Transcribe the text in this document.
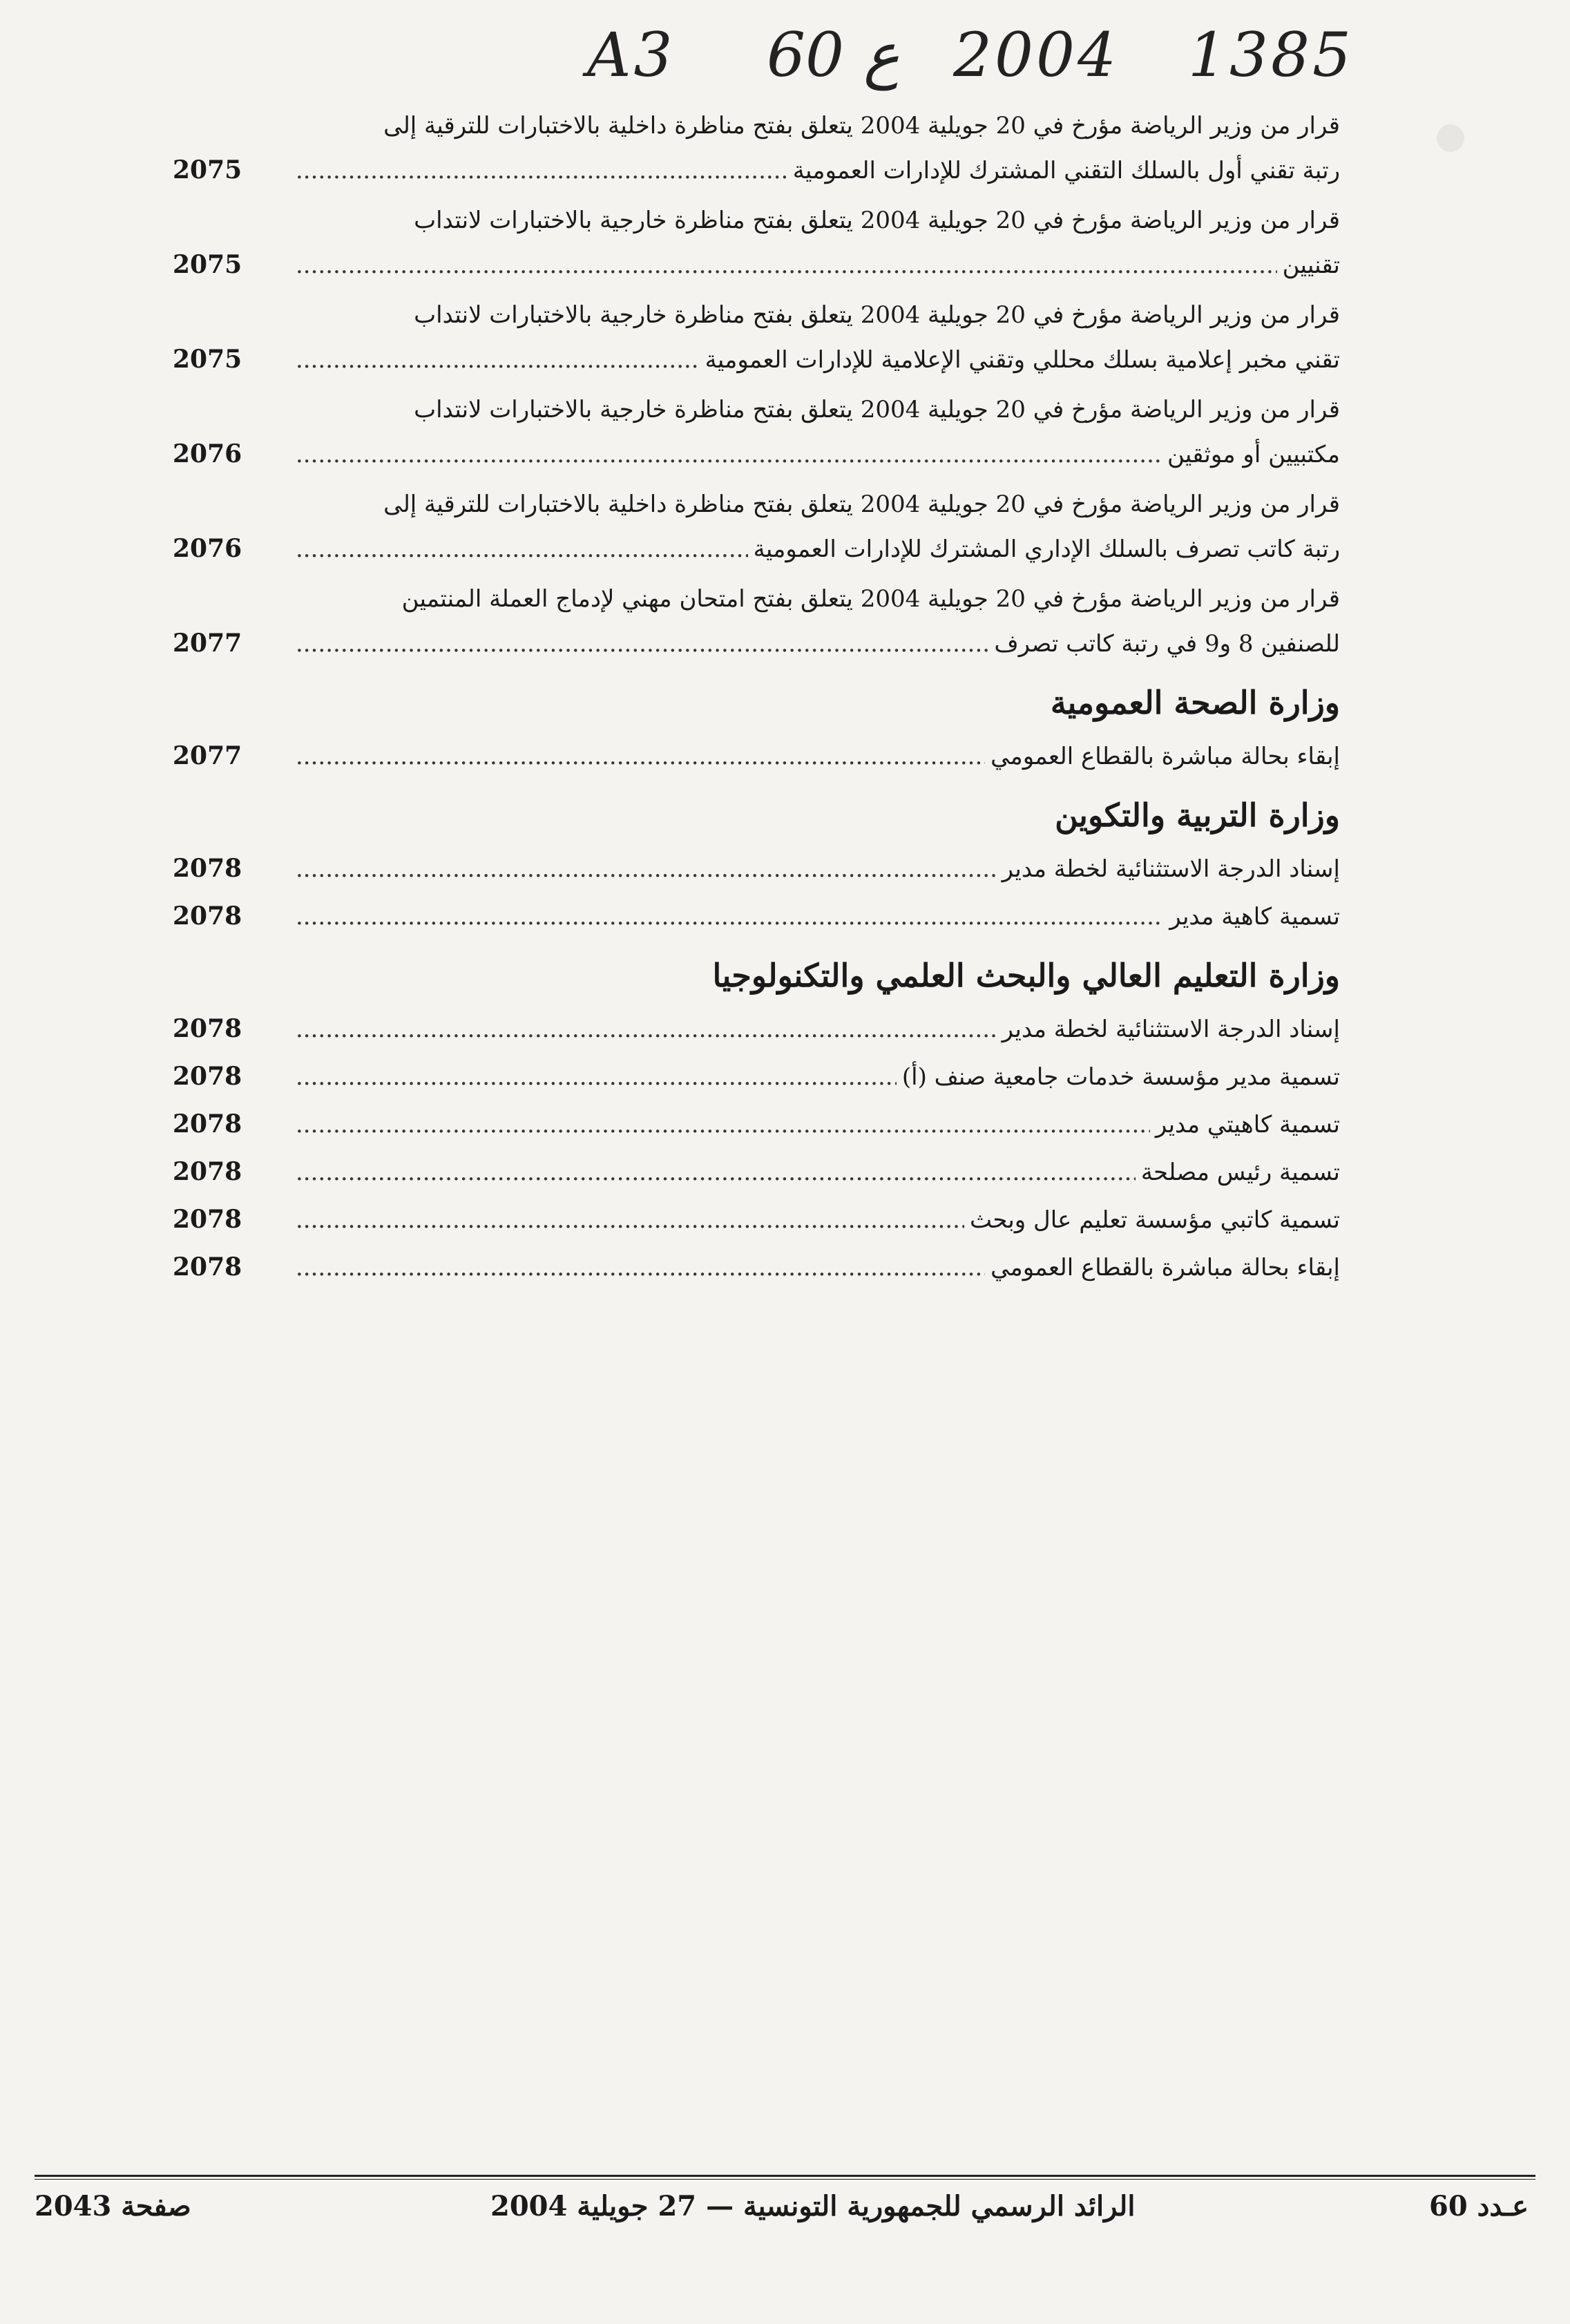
A3 60 ع 2004 1385
قرار من وزير الرياضة مؤرخ في 20 جويلية 2004 يتعلق بفتح مناظرة داخلية بالاختبارات للترقية إلى
رتبة تقني أول بالسلك التقني المشترك للإدارات العمومية
.....
2075
قرار من وزير الرياضة مؤرخ في 20 جويلية 2004 يتعلق بفتح مناظرة خارجية بالاختبارات لانتداب
تقنيين
.....
2075
قرار من وزير الرياضة مؤرخ في 20 جويلية 2004 يتعلق بفتح مناظرة خارجية بالاختبارات لانتداب
تقني مخبر إعلامية بسلك محللي وتقني الإعلامية للإدارات العمومية
.....
2075
قرار من وزير الرياضة مؤرخ في 20 جويلية 2004 يتعلق بفتح مناظرة خارجية بالاختبارات لانتداب
مكتبيين أو موثقين
.....
2076
قرار من وزير الرياضة مؤرخ في 20 جويلية 2004 يتعلق بفتح مناظرة داخلية بالاختبارات للترقية إلى
رتبة كاتب تصرف بالسلك الإداري المشترك للإدارات العمومية
.....
2076
قرار من وزير الرياضة مؤرخ في 20 جويلية 2004 يتعلق بفتح امتحان مهني لإدماج العملة المنتمين
للصنفين 8 و9 في رتبة كاتب تصرف
.....
2077
وزارة الصحة العمومية
إبقاء بحالة مباشرة بالقطاع العمومي
.....
2077
وزارة التربية والتكوين
إسناد الدرجة الاستثنائية لخطة مدير
.....
2078
تسمية كاهية مدير
.....
2078
وزارة التعليم العالي والبحث العلمي والتكنولوجيا
إسناد الدرجة الاستثنائية لخطة مدير
.....
2078
تسمية مدير مؤسسة خدمات جامعية صنف (أ)
.....
2078
تسمية كاهيتي مدير
.....
2078
تسمية رئيس مصلحة
.....
2078
تسمية كاتبي مؤسسة تعليم عال وبحث
.....
2078
إبقاء بحالة مباشرة بالقطاع العمومي
.....
2078
صفحة 2043	الرائد الرسمي للجمهورية التونسية — 27 جويلية 2004	عـدد 60
